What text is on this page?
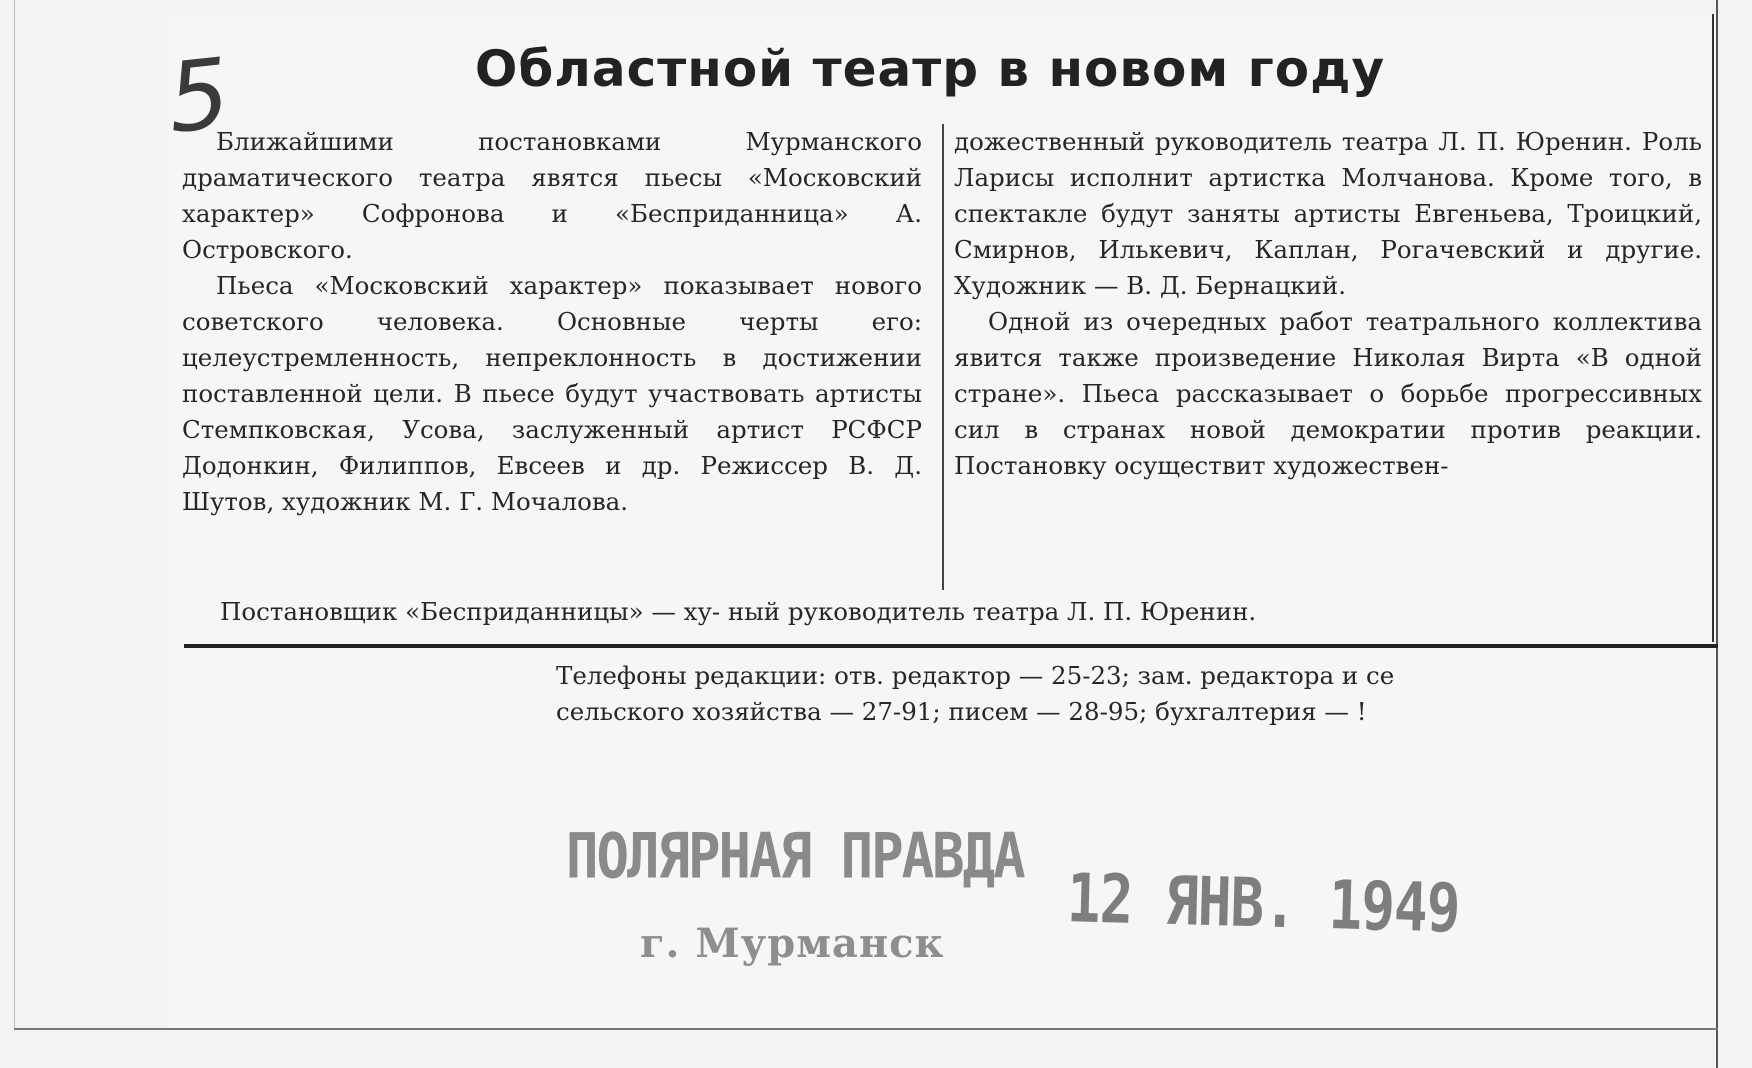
5	Областной театр в новом году

Ближайшими постановками Мурманского драматического театра явятся пьесы «Московский характер» Софронова и «Бесприданница» А. Островского.

Пьеса «Московский характер» показывает нового советского человека. Основные черты его: целеустремленность, непреклонность в достижении поставленной цели. В пьесе будут участвовать артисты Стемпковская, Усова, заслуженный артист РСФСР Додонкин, Филиппов, Евсеев и др. Режиссер В. Д. Шутов, художник М. Г. Мочалова.

дожественный руководитель театра Л. П. Юренин. Роль Ларисы исполнит артистка Молчанова. Кроме того, в спектакле будут заняты артисты Евгеньева, Троицкий, Смирнов, Илькевич, Каплан, Рогачевский и другие. Художник — В. Д. Бернацкий.

Одной из очередных работ театрального коллектива явится также произведение Николая Вирта «В одной стране». Пьеса рассказывает о борьбе прогрессивных сил в странах новой демократии против реакции. Постановку осуществит художествен-

Постановщик «Бесприданницы» — ху- ный руководитель театра Л. П. Юренин.

Телефоны редакции: отв. редактор — 25-23; зам. редактора и се

сельского хозяйства — 27-91; писем — 28-95; бухгалтерия — !

ПОЛЯРНАЯ ПРАВДА
г. Мурманск 12 ЯНВ. 1949
